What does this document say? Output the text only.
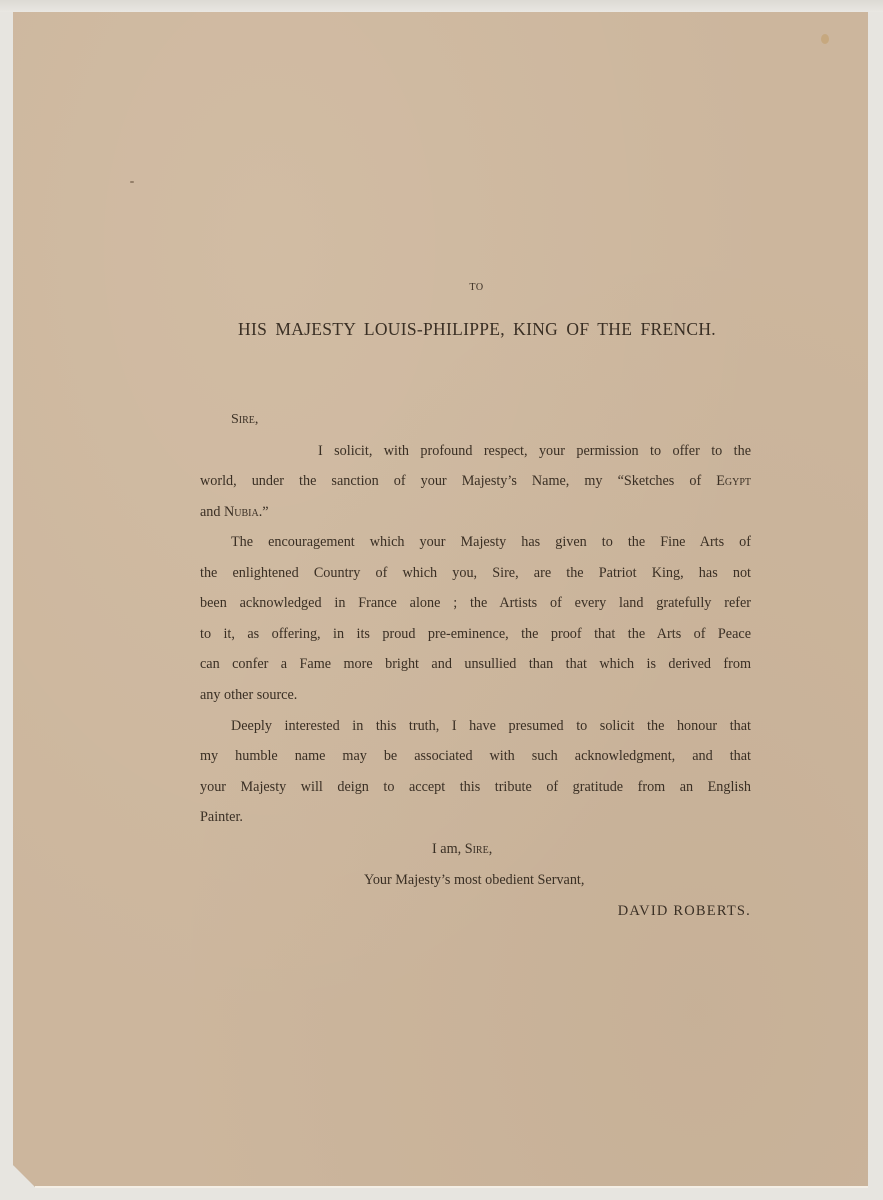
TO
HIS MAJESTY LOUIS-PHILIPPE, KING OF THE FRENCH.
Sire,
I solicit, with profound respect, your permission to offer to the
world, under the sanction of your Majesty’s Name, my “Sketches of Egypt
and Nubia.”
The encouragement which your Majesty has given to the Fine Arts of
the enlightened Country of which you, Sire, are the Patriot King, has not
been acknowledged in France alone ; the Artists of every land gratefully refer
to it, as offering, in its proud pre-eminence, the proof that the Arts of Peace
can confer a Fame more bright and unsullied than that which is derived from
any other source.
Deeply interested in this truth, I have presumed to solicit the honour that
my humble name may be associated with such acknowledgment, and that
your Majesty will deign to accept this tribute of gratitude from an English
Painter.
I am, Sire,
Your Majesty’s most obedient Servant,
DAVID ROBERTS.
